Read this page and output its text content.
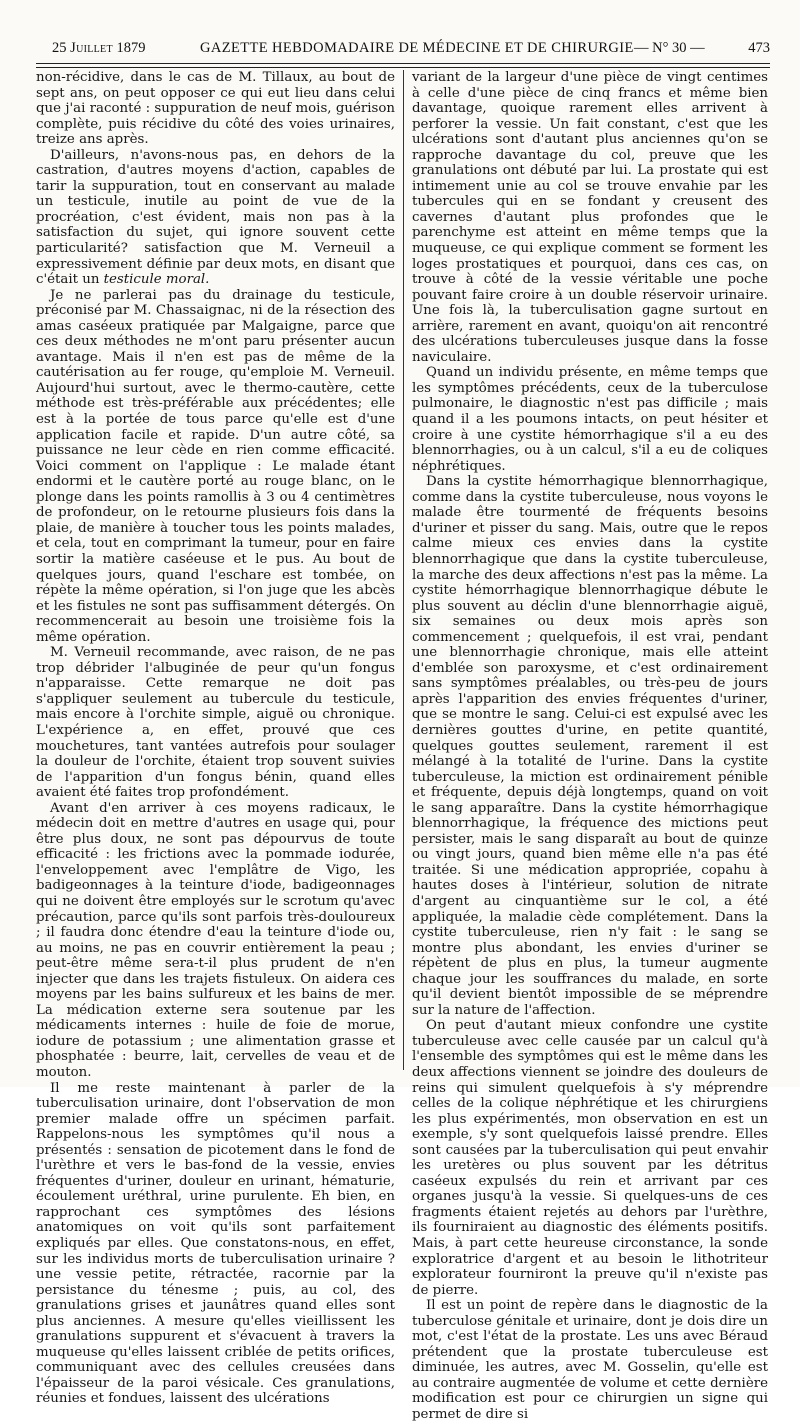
25 Juillet 1879	GAZETTE HEBDOMADAIRE DE MÉDECINE ET DE CHIRURGIE — N° 30 —	473

non-récidive, dans le cas de M. Tillaux, au bout de sept ans, on peut opposer ce qui eut lieu dans celui que j'ai raconté : suppuration de neuf mois, guérison complète, puis récidive du côté des voies urinaires, treize ans après.

D'ailleurs, n'avons-nous pas, en dehors de la castration, d'autres moyens d'action, capables de tarir la suppuration, tout en conservant au malade un testicule, inutile au point de vue de la procréation, c'est évident, mais non pas à la satisfaction du sujet, qui ignore souvent cette particularité? satisfaction que M. Verneuil a expressivement définie par deux mots, en disant que c'était un testicule moral.

Je ne parlerai pas du drainage du testicule, préconisé par M. Chassaignac, ni de la résection des amas caséeux pratiquée par Malgaigne, parce que ces deux méthodes ne m'ont paru présenter aucun avantage. Mais il n'en est pas de même de la cautérisation au fer rouge, qu'emploie M. Verneuil. Aujourd'hui surtout, avec le thermo-cautère, cette méthode est très-préférable aux précédentes; elle est à la portée de tous parce qu'elle est d'une application facile et rapide. D'un autre côté, sa puissance ne leur cède en rien comme efficacité. Voici comment on l'applique : Le malade étant endormi et le cautère porté au rouge blanc, on le plonge dans les points ramollis à 3 ou 4 centimètres de profondeur, on le retourne plusieurs fois dans la plaie, de manière à toucher tous les points malades, et cela, tout en comprimant la tumeur, pour en faire sortir la matière caséeuse et le pus. Au bout de quelques jours, quand l'eschare est tombée, on répète la même opération, si l'on juge que les abcès et les fistules ne sont pas suffisamment détergés. On recommencerait au besoin une troisième fois la même opération.

M. Verneuil recommande, avec raison, de ne pas trop débrider l'albuginée de peur qu'un fongus n'apparaisse. Cette remarque ne doit pas s'appliquer seulement au tubercule du testicule, mais encore à l'orchite simple, aiguë ou chronique. L'expérience a, en effet, prouvé que ces mouchetures, tant vantées autrefois pour soulager la douleur de l'orchite, étaient trop souvent suivies de l'apparition d'un fongus bénin, quand elles avaient été faites trop profondément.

Avant d'en arriver à ces moyens radicaux, le médecin doit en mettre d'autres en usage qui, pour être plus doux, ne sont pas dépourvus de toute efficacité : les frictions avec la pommade iodurée, l'enveloppement avec l'emplâtre de Vigo, les badigeonnages à la teinture d'iode, badigeonnages qui ne doivent être employés sur le scrotum qu'avec précaution, parce qu'ils sont parfois très-douloureux ; il faudra donc étendre d'eau la teinture d'iode ou, au moins, ne pas en couvrir entièrement la peau ; peut-être même sera-t-il plus prudent de n'en injecter que dans les trajets fistuleux. On aidera ces moyens par les bains sulfureux et les bains de mer. La médication externe sera soutenue par les médicaments internes : huile de foie de morue, iodure de potassium ; une alimentation grasse et phosphatée : beurre, lait, cervelles de veau et de mouton.

Il me reste maintenant à parler de la tuberculisation urinaire, dont l'observation de mon premier malade offre un spécimen parfait. Rappelons-nous les symptômes qu'il nous a présentés : sensation de picotement dans le fond de l'urèthre et vers le bas-fond de la vessie, envies fréquentes d'uriner, douleur en urinant, hématurie, écoulement uréthral, urine purulente. Eh bien, en rapprochant ces symptômes des lésions anatomiques on voit qu'ils sont parfaitement expliqués par elles. Que constatons-nous, en effet, sur les individus morts de tuberculisation urinaire ? une vessie petite, rétractée, racornie par la persistance du ténesme ; puis, au col, des granulations grises et jaunâtres quand elles sont plus anciennes. A mesure qu'elles vieillissent les granulations suppurent et s'évacuent à travers la muqueuse qu'elles laissent criblée de petits orifices, communiquant avec des cellules creusées dans l'épaisseur de la paroi vésicale. Ces granulations, réunies et fondues, laissent des ulcérations

variant de la largeur d'une pièce de vingt centimes à celle d'une pièce de cinq francs et même bien davantage, quoique rarement elles arrivent à perforer la vessie. Un fait constant, c'est que les ulcérations sont d'autant plus anciennes qu'on se rapproche davantage du col, preuve que les granulations ont débuté par lui. La prostate qui est intimement unie au col se trouve envahie par les tubercules qui en se fondant y creusent des cavernes d'autant plus profondes que le parenchyme est atteint en même temps que la muqueuse, ce qui explique comment se forment les loges prostatiques et pourquoi, dans ces cas, on trouve à côté de la vessie véritable une poche pouvant faire croire à un double réservoir urinaire. Une fois là, la tuberculisation gagne surtout en arrière, rarement en avant, quoiqu'on ait rencontré des ulcérations tuberculeuses jusque dans la fosse naviculaire.

Quand un individu présente, en même temps que les symptômes précédents, ceux de la tuberculose pulmonaire, le diagnostic n'est pas difficile ; mais quand il a les poumons intacts, on peut hésiter et croire à une cystite hémorrhagique s'il a eu des blennorrhagies, ou à un calcul, s'il a eu de coliques néphrétiques.

Dans la cystite hémorrhagique blennorrhagique, comme dans la cystite tuberculeuse, nous voyons le malade être tourmenté de fréquents besoins d'uriner et pisser du sang. Mais, outre que le repos calme mieux ces envies dans la cystite blennorrhagique que dans la cystite tuberculeuse, la marche des deux affections n'est pas la même. La cystite hémorrhagique blennorrhagique débute le plus souvent au déclin d'une blennorrhagie aiguë, six semaines ou deux mois après son commencement ; quelquefois, il est vrai, pendant une blennorrhagie chronique, mais elle atteint d'emblée son paroxysme, et c'est ordinairement sans symptômes préalables, ou très-peu de jours après l'apparition des envies fréquentes d'uriner, que se montre le sang. Celui-ci est expulsé avec les dernières gouttes d'urine, en petite quantité, quelques gouttes seulement, rarement il est mélangé à la totalité de l'urine. Dans la cystite tuberculeuse, la miction est ordinairement pénible et fréquente, depuis déjà longtemps, quand on voit le sang apparaître. Dans la cystite hémorrhagique blennorrhagique, la fréquence des mictions peut persister, mais le sang disparaît au bout de quinze ou vingt jours, quand bien même elle n'a pas été traitée. Si une médication appropriée, copahu à hautes doses à l'intérieur, solution de nitrate d'argent au cinquantième sur le col, a été appliquée, la maladie cède complétement. Dans la cystite tuberculeuse, rien n'y fait : le sang se montre plus abondant, les envies d'uriner se répètent de plus en plus, la tumeur augmente chaque jour les souffrances du malade, en sorte qu'il devient bientôt impossible de se méprendre sur la nature de l'affection.

On peut d'autant mieux confondre une cystite tuberculeuse avec celle causée par un calcul qu'à l'ensemble des symptômes qui est le même dans les deux affections viennent se joindre des douleurs de reins qui simulent quelquefois à s'y méprendre celles de la colique néphrétique et les chirurgiens les plus expérimentés, mon observation en est un exemple, s'y sont quelquefois laissé prendre. Elles sont causées par la tuberculisation qui peut envahir les uretères ou plus souvent par les détritus caséeux expulsés du rein et arrivant par ces organes jusqu'à la vessie. Si quelques-uns de ces fragments étaient rejetés au dehors par l'urèthre, ils fourniraient au diagnostic des éléments positifs. Mais, à part cette heureuse circonstance, la sonde exploratrice d'argent et au besoin le lithotriteur explorateur fourniront la preuve qu'il n'existe pas de pierre.

Il est un point de repère dans le diagnostic de la tuberculose génitale et urinaire, dont je dois dire un mot, c'est l'état de la prostate. Les uns avec Béraud prétendent que la prostate tuberculeuse est diminuée, les autres, avec M. Gosselin, qu'elle est au contraire augmentée de volume et cette dernière modification est pour ce chirurgien un signe qui permet de dire si
